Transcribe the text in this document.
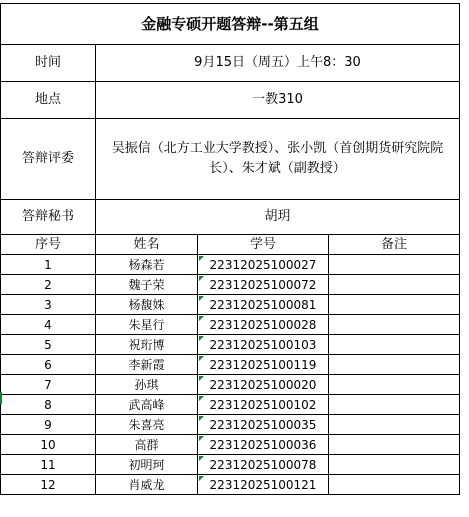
金融专硕开题答辩--第五组			
时间	9月15日（周五）上午8：30		
地点	一教310		
答辩评委	吴振信（北方工业大学教授）、张小凯（首创期货研究院院长）、朱才斌（副教授）		
答辩秘书	胡玥		
序号	姓名	学号	备注
1	杨森若	22312025100027

2	魏子荣	22312025100072

3	杨馥姝	22312025100081

4	朱星行	22312025100028

5	祝珩博	22312025100103

6	李新霞	22312025100119

7	孙琪	22312025100020

8	武高峰	22312025100102

9	朱喜亮	22312025100035

10	高群	22312025100036

11	初明珂	22312025100078

12	肖威龙	22312025100121
